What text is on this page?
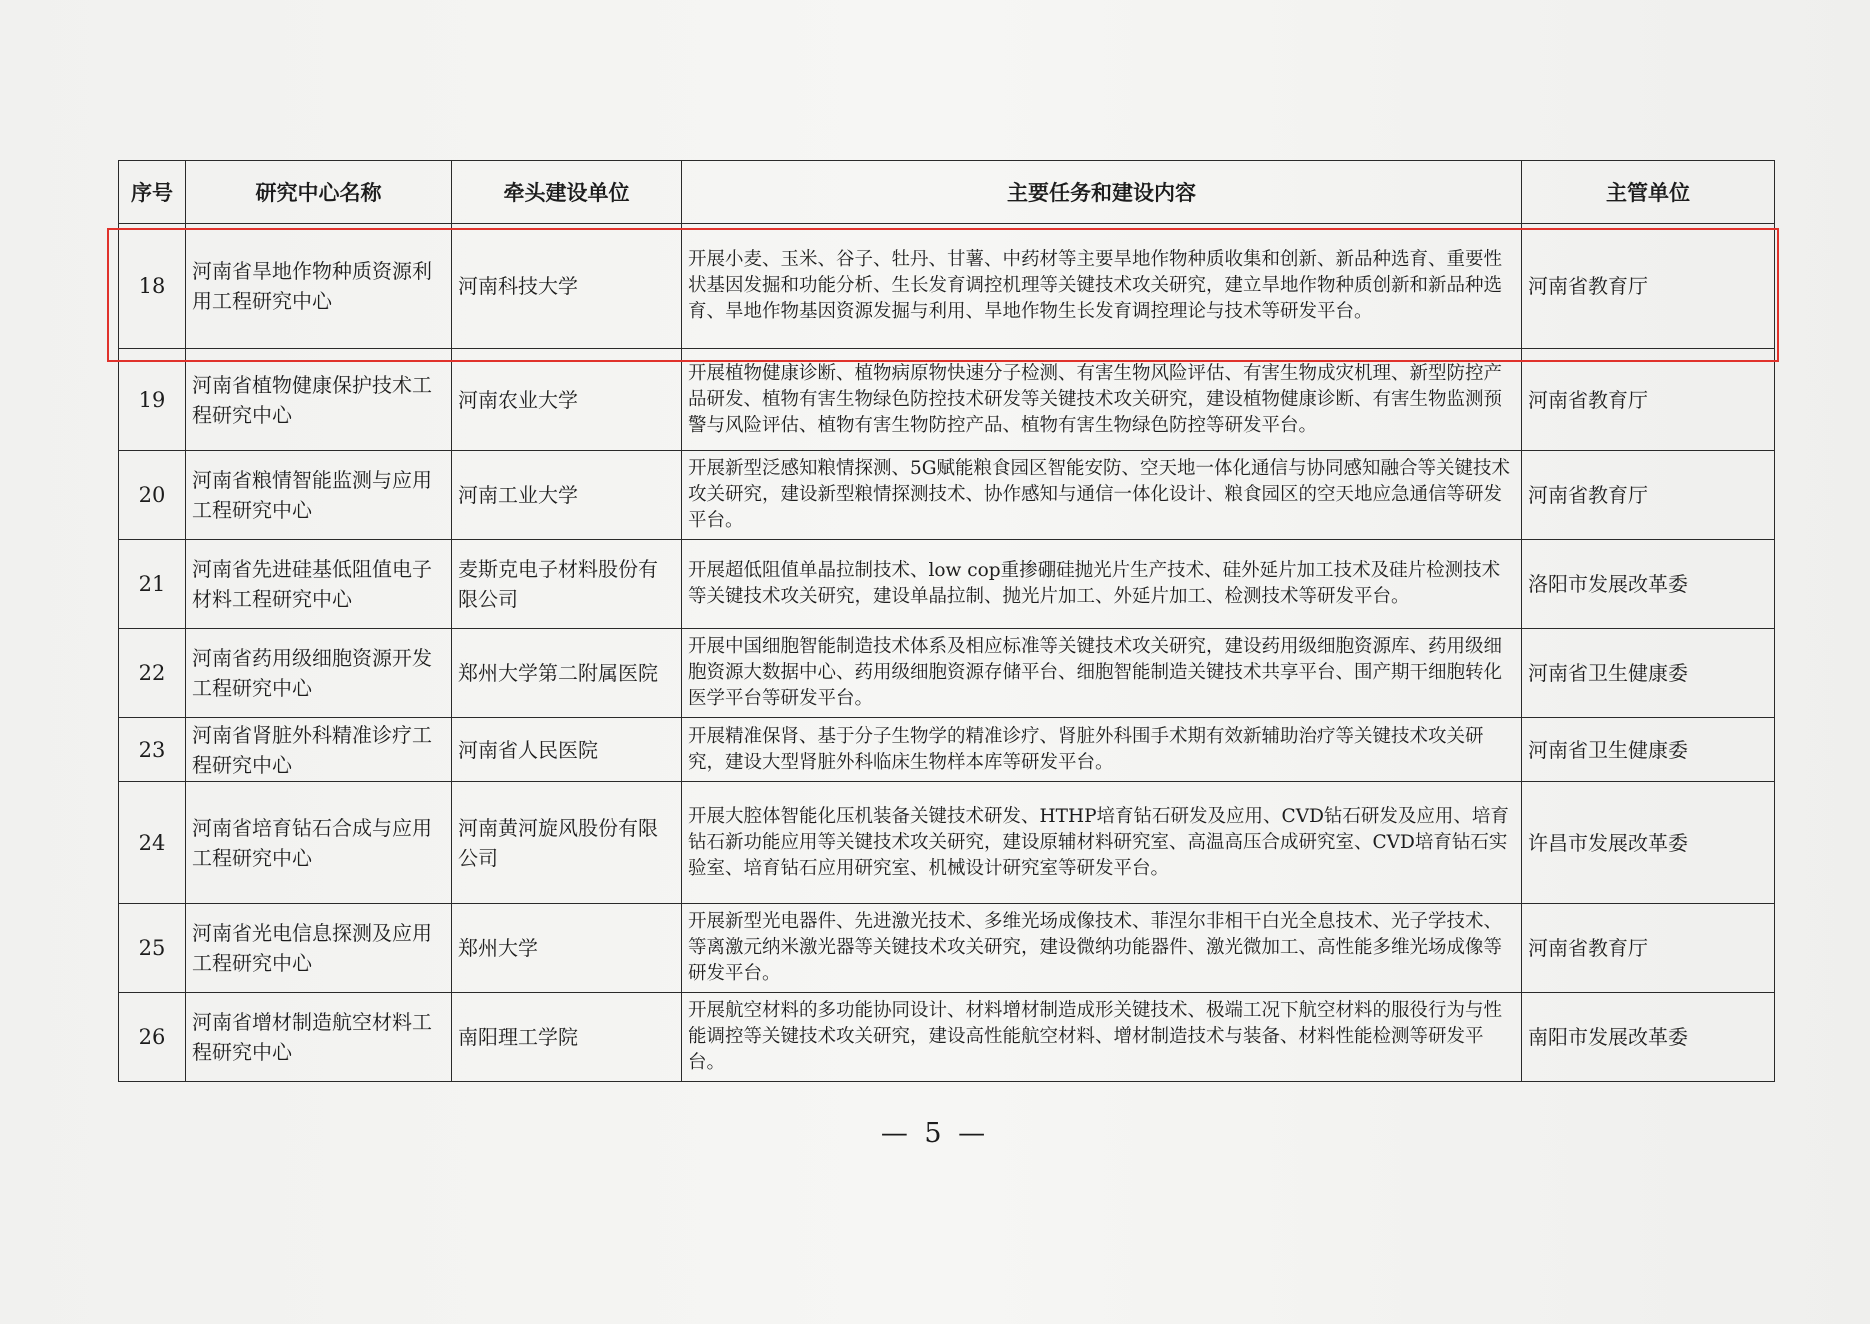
序号	研究中心名称	牵头建设单位	主要任务和建设内容	主管单位
18	河南省旱地作物种质资源利用工程研究中心	河南科技大学	开展小麦、玉米、谷子、牡丹、甘薯、中药材等主要旱地作物种质收集和创新、新品种选育、重要性状基因发掘和功能分析、生长发育调控机理等关键技术攻关研究，建立旱地作物种质创新和新品种选育、旱地作物基因资源发掘与利用、旱地作物生长发育调控理论与技术等研发平台。	河南省教育厅
19	河南省植物健康保护技术工程研究中心	河南农业大学	开展植物健康诊断、植物病原物快速分子检测、有害生物风险评估、有害生物成灾机理、新型防控产品研发、植物有害生物绿色防控技术研发等关键技术攻关研究，建设植物健康诊断、有害生物监测预警与风险评估、植物有害生物防控产品、植物有害生物绿色防控等研发平台。	河南省教育厅
20	河南省粮情智能监测与应用工程研究中心	河南工业大学	开展新型泛感知粮情探测、5G赋能粮食园区智能安防、空天地一体化通信与协同感知融合等关键技术攻关研究，建设新型粮情探测技术、协作感知与通信一体化设计、粮食园区的空天地应急通信等研发平台。	河南省教育厅
21	河南省先进硅基低阻值电子材料工程研究中心	麦斯克电子材料股份有限公司	开展超低阻值单晶拉制技术、low cop重掺硼硅抛光片生产技术、硅外延片加工技术及硅片检测技术等关键技术攻关研究，建设单晶拉制、抛光片加工、外延片加工、检测技术等研发平台。	洛阳市发展改革委
22	河南省药用级细胞资源开发工程研究中心	郑州大学第二附属医院	开展中国细胞智能制造技术体系及相应标准等关键技术攻关研究，建设药用级细胞资源库、药用级细胞资源大数据中心、药用级细胞资源存储平台、细胞智能制造关键技术共享平台、围产期干细胞转化医学平台等研发平台。	河南省卫生健康委
23	河南省肾脏外科精准诊疗工程研究中心	河南省人民医院	开展精准保肾、基于分子生物学的精准诊疗、肾脏外科围手术期有效新辅助治疗等关键技术攻关研究，建设大型肾脏外科临床生物样本库等研发平台。	河南省卫生健康委
24	河南省培育钻石合成与应用工程研究中心	河南黄河旋风股份有限公司	开展大腔体智能化压机装备关键技术研发、HTHP培育钻石研发及应用、CVD钻石研发及应用、培育钻石新功能应用等关键技术攻关研究，建设原辅材料研究室、高温高压合成研究室、CVD培育钻石实验室、培育钻石应用研究室、机械设计研究室等研发平台。	许昌市发展改革委
25	河南省光电信息探测及应用工程研究中心	郑州大学	开展新型光电器件、先进激光技术、多维光场成像技术、菲涅尔非相干白光全息技术、光子学技术、等离激元纳米激光器等关键技术攻关研究，建设微纳功能器件、激光微加工、高性能多维光场成像等研发平台。	河南省教育厅
26	河南省增材制造航空材料工程研究中心	南阳理工学院	开展航空材料的多功能协同设计、材料增材制造成形关键技术、极端工况下航空材料的服役行为与性能调控等关键技术攻关研究，建设高性能航空材料、增材制造技术与装备、材料性能检测等研发平台。	南阳市发展改革委
— 5 —
